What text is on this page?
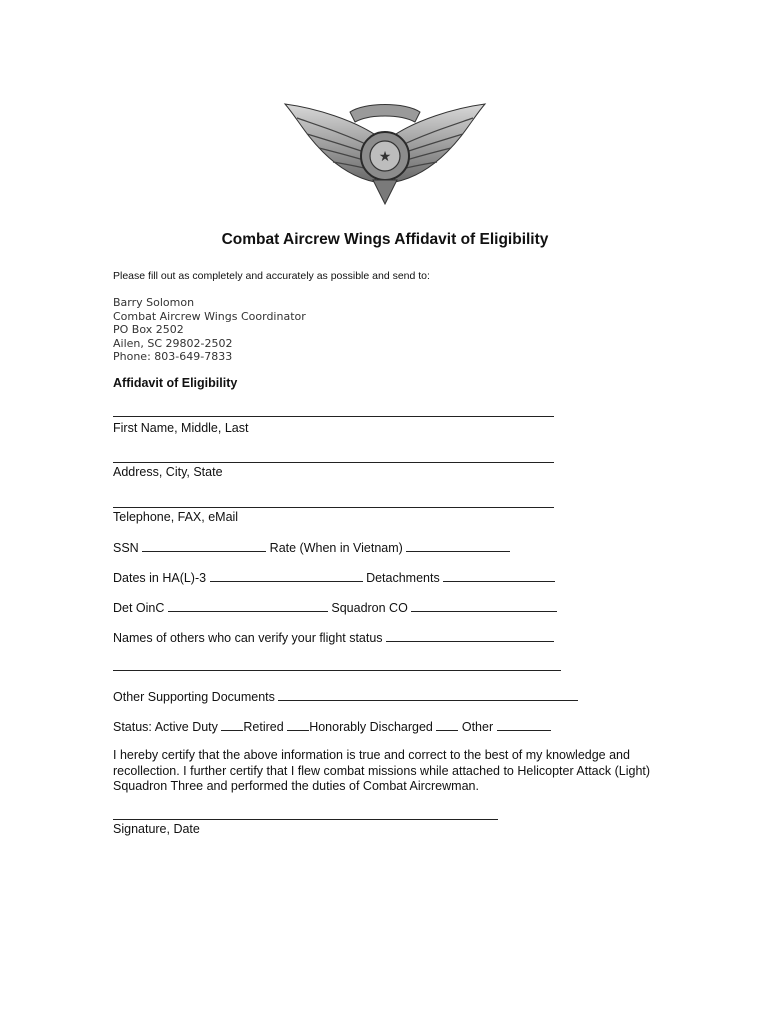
★
Combat Aircrew Wings Affidavit of Eligibility
Please fill out as completely and accurately as possible and send to:
Barry Solomon
Combat Aircrew Wings Coordinator
PO Box 2502
Ailen, SC 29802-2502
Phone: 803-649-7833
Affidavit of Eligibility
First Name, Middle, Last
Address, City, State
Telephone, FAX, eMail
SSN	Rate (When in Vietnam)
Dates in HA(L)-3	Detachments
Det OinC	Squadron CO
Names of others who can verify your flight status
Other Supporting Documents
Status: Active Duty Retired Honorably Discharged Other
I hereby certify that the above information is true and correct to the best of my knowledge and recollection. I further certify that I flew combat missions while attached to Helicopter Attack (Light) Squadron Three and performed the duties of Combat Aircrewman.
Signature, Date
